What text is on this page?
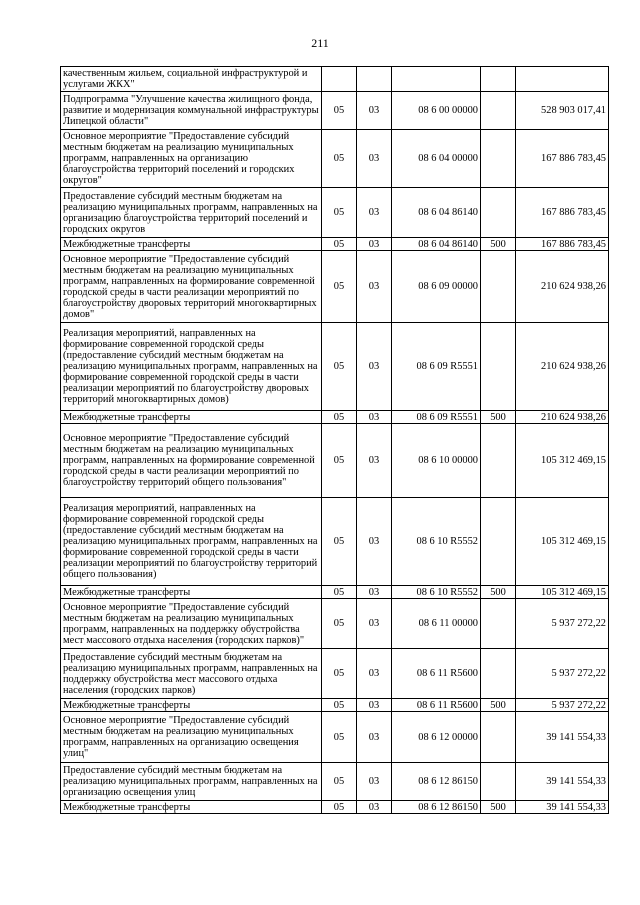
211
качественным жильем, социальной инфраструктурой и услугами ЖКХ"					
Подпрограмма "Улучшение качества жилищного фонда, развитие и модернизация коммунальной инфраструктуры Липецкой области"	05	03	08 6 00 00000		528 903 017,41
Основное мероприятие "Предоставление субсидий местным бюджетам на реализацию муниципальных программ, направленных на организацию благоустройства территорий поселений и городских округов"	05	03	08 6 04 00000		167 886 783,45
Предоставление субсидий местным бюджетам на реализацию муниципальных программ, направленных на организацию благоустройства территорий поселений и городских округов	05	03	08 6 04 86140		167 886 783,45
Межбюджетные трансферты	05	03	08 6 04 86140	500	167 886 783,45
Основное мероприятие "Предоставление субсидий местным бюджетам на реализацию муниципальных программ, направленных на формирование современной городской среды в части реализации мероприятий по благоустройству дворовых территорий многоквартирных домов"	05	03	08 6 09 00000		210 624 938,26
Реализация мероприятий, направленных на формирование современной городской среды (предоставление субсидий местным бюджетам на реализацию муниципальных программ, направленных на формирование современной городской среды в части реализации мероприятий по благоустройству дворовых территорий многоквартирных домов)	05	03	08 6 09 R5551		210 624 938,26
Межбюджетные трансферты	05	03	08 6 09 R5551	500	210 624 938,26
Основное мероприятие "Предоставление субсидий местным бюджетам на реализацию муниципальных программ, направленных на формирование современной городской среды в части реализации мероприятий по благоустройству территорий общего пользования"	05	03	08 6 10 00000		105 312 469,15
Реализация мероприятий, направленных на формирование современной городской среды (предоставление субсидий местным бюджетам на реализацию муниципальных программ, направленных на формирование современной городской среды в части реализации мероприятий по благоустройству территорий общего пользования)	05	03	08 6 10 R5552		105 312 469,15
Межбюджетные трансферты	05	03	08 6 10 R5552	500	105 312 469,15
Основное мероприятие "Предоставление субсидий местным бюджетам на реализацию муниципальных программ, направленных на поддержку обустройства мест массового отдыха населения (городских парков)"	05	03	08 6 11 00000		5 937 272,22
Предоставление субсидий местным бюджетам на реализацию муниципальных программ, направленных на поддержку обустройства мест массового отдыха населения (городских парков)	05	03	08 6 11 R5600		5 937 272,22
Межбюджетные трансферты	05	03	08 6 11 R5600	500	5 937 272,22
Основное мероприятие "Предоставление субсидий местным бюджетам на реализацию муниципальных программ, направленных на организацию освещения улиц"	05	03	08 6 12 00000		39 141 554,33
Предоставление субсидий местным бюджетам на реализацию муниципальных программ, направленных на организацию освещения улиц	05	03	08 6 12 86150		39 141 554,33
Межбюджетные трансферты	05	03	08 6 12 86150	500	39 141 554,33
